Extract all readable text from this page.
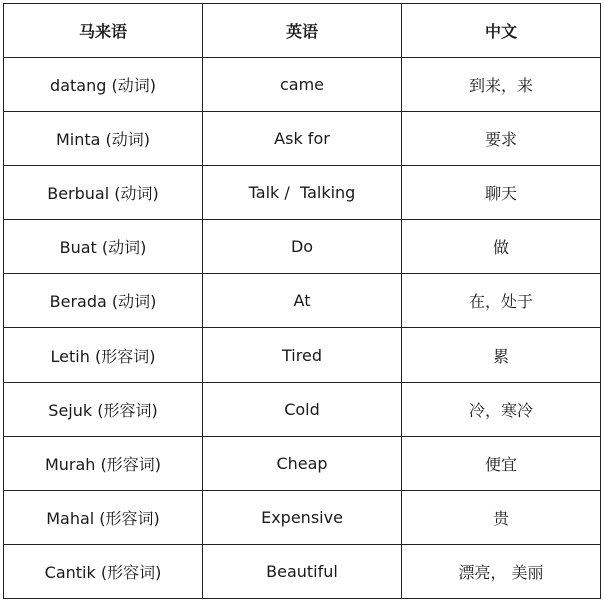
马来语	英语	中文
datang (动词)	came	到来，来
Minta (动词)	Ask for	要求
Berbual (动词)	Talk /  Talking	聊天
Buat (动词)	Do	做
Berada (动词)	At	在，处于
Letih (形容词)	Tired	累
Sejuk (形容词)	Cold	冷，寒冷
Murah (形容词)	Cheap	便宜
Mahal (形容词)	Expensive	贵
Cantik (形容词)	Beautiful	漂亮， 美丽
